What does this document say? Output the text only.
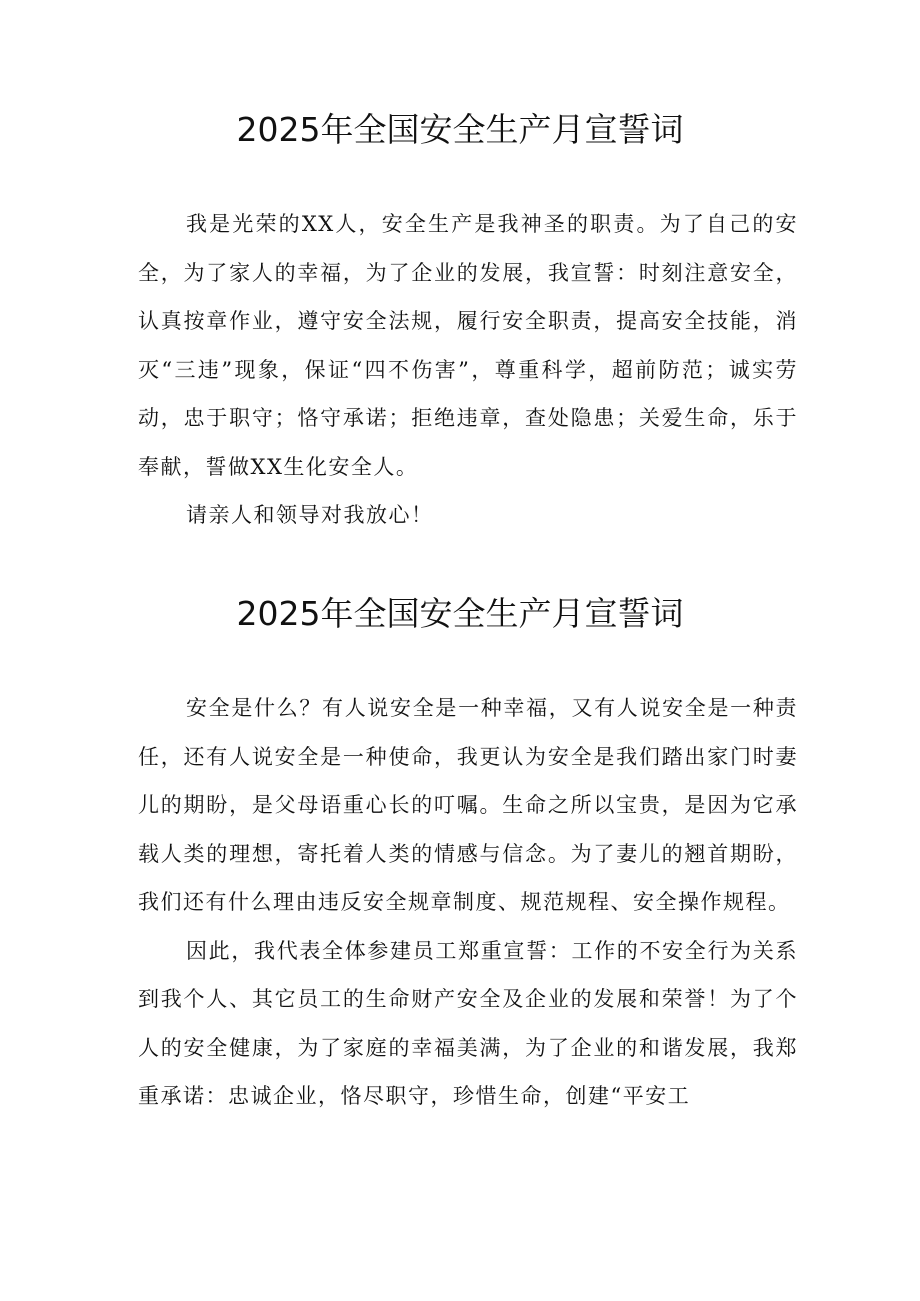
2025年全国安全生产月宣誓词

我是光荣的XX人，安全生产是我神圣的职责。为了自己的安全，为了家人的幸福，为了企业的发展，我宣誓：时刻注意安全，认真按章作业，遵守安全法规，履行安全职责，提高安全技能，消灭“三违”现象，保证“四不伤害”，尊重科学，超前防范；诚实劳动，忠于职守；恪守承诺；拒绝违章，查处隐患；关爱生命，乐于奉献，誓做XX生化安全人。

请亲人和领导对我放心！

2025年全国安全生产月宣誓词

安全是什么？有人说安全是一种幸福，又有人说安全是一种责任，还有人说安全是一种使命，我更认为安全是我们踏出家门时妻儿的期盼，是父母语重心长的叮嘱。生命之所以宝贵，是因为它承载人类的理想，寄托着人类的情感与信念。为了妻儿的翘首期盼，我们还有什么理由违反安全规章制度、规范规程、安全操作规程。

因此，我代表全体参建员工郑重宣誓：工作的不安全行为关系到我个人、其它员工的生命财产安全及企业的发展和荣誉！为了个人的安全健康，为了家庭的幸福美满，为了企业的和谐发展，我郑重承诺：忠诚企业，恪尽职守，珍惜生命，创建“平安工
